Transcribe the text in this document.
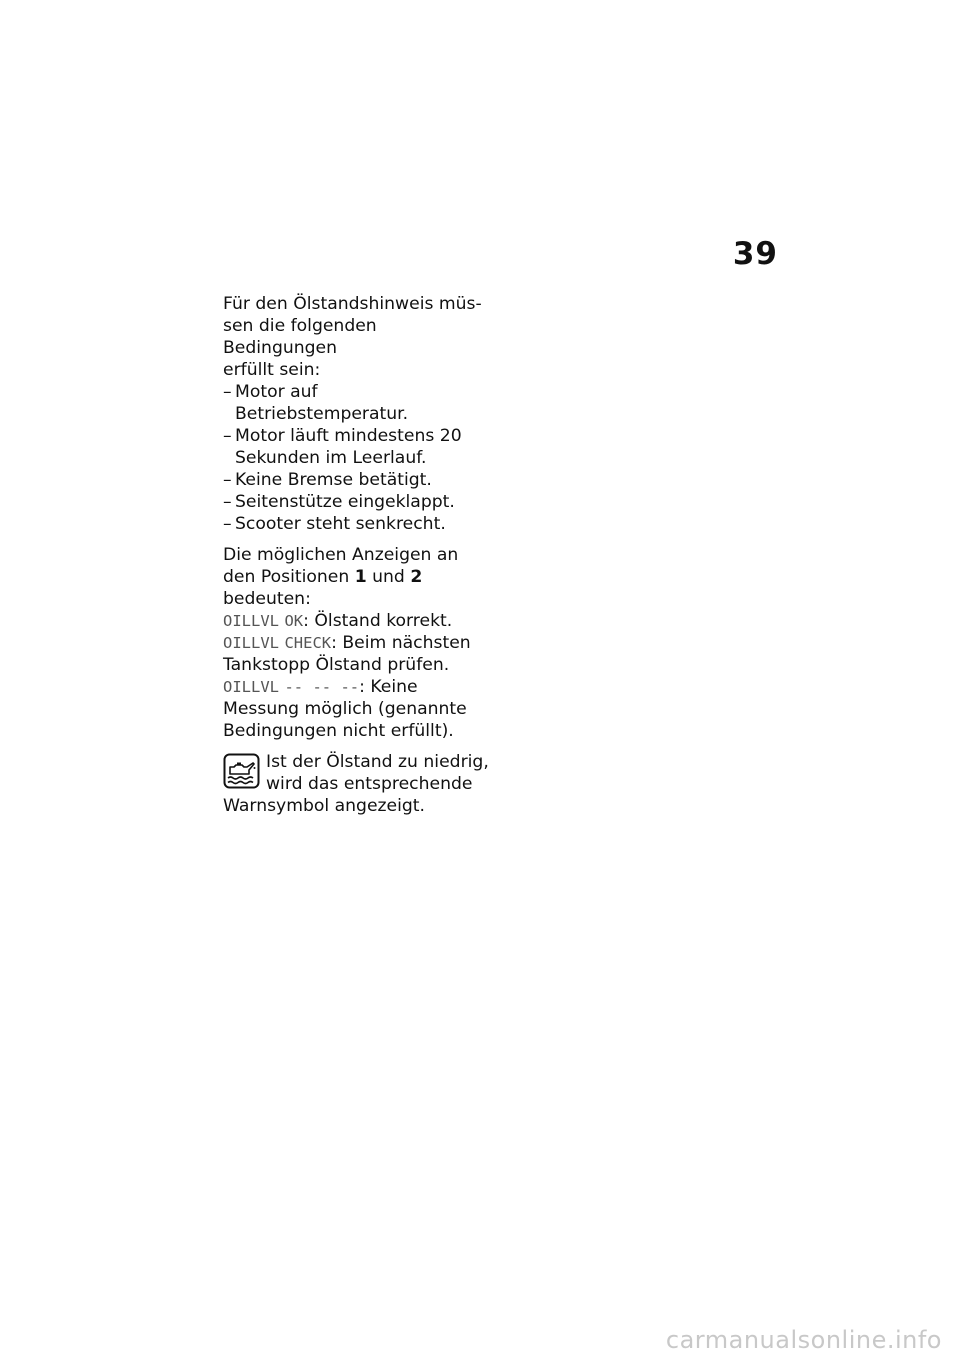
39

Für den Ölstandshinweis müs-
sen die folgenden Bedingungen
erfüllt sein:

– Motor auf Betriebstemperatur.
– Motor läuft mindestens 20 Sekunden im Leerlauf.
– Keine Bremse betätigt.
– Seitenstütze eingeklappt.
– Scooter steht senkrecht.

Die möglichen Anzeigen an den Positionen 1 und 2 bedeuten:
OILLVL OK: Ölstand korrekt.
OILLVL CHECK: Beim nächsten Tankstopp Ölstand prüfen.
OILLVL -- -- --: Keine Messung möglich (genannte Bedingungen nicht erfüllt).

Ist der Ölstand zu niedrig, wird das entsprechende Warnsymbol angezeigt.
carmanualsonline.info
